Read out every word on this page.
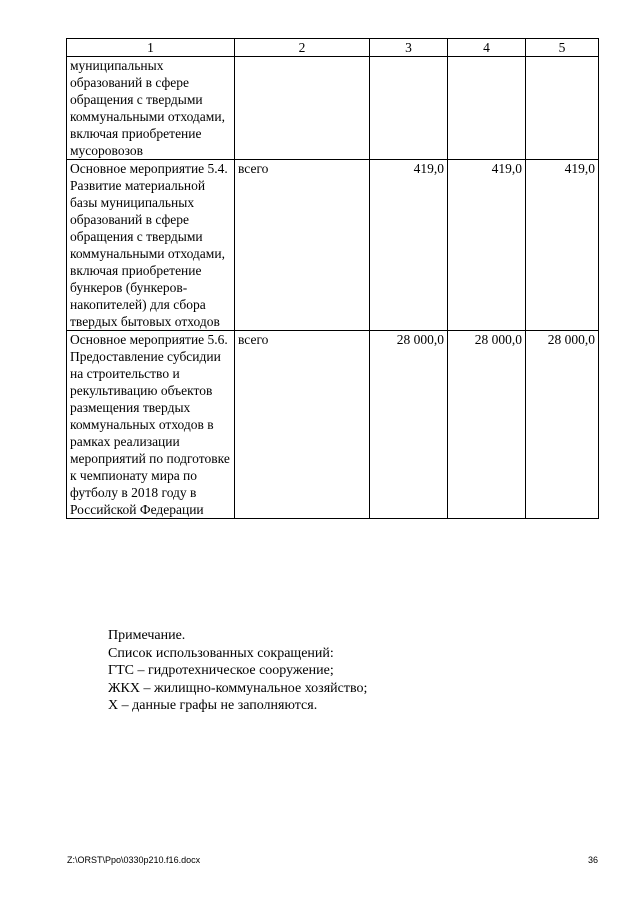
1	2	3	4	5
муниципальных образований в сфере обращения с твердыми коммунальными отходами, включая приобретение мусоровозов				
Основное мероприятие 5.4. Развитие материальной базы муниципальных образований в сфере обращения с твердыми коммунальными отходами, включая приобретение бункеров (бункеров-накопителей) для сбора твердых бытовых отходов	всего	419,0	419,0	419,0
Основное мероприятие 5.6. Предоставление субсидии на строительство и рекультивацию объектов размещения твердых коммунальных отходов в рамках реализации мероприятий по подготовке к чемпионату мира по футболу в 2018 году в Российской Федерации	всего	28 000,0	28 000,0	28 000,0
Примечание.
Список использованных сокращений:
ГТС – гидротехническое сооружение;
ЖКХ – жилищно-коммунальное хозяйство;
Х – данные графы не заполняются.
Z:\ORST\Ppo\0330p210.f16.docx	36
